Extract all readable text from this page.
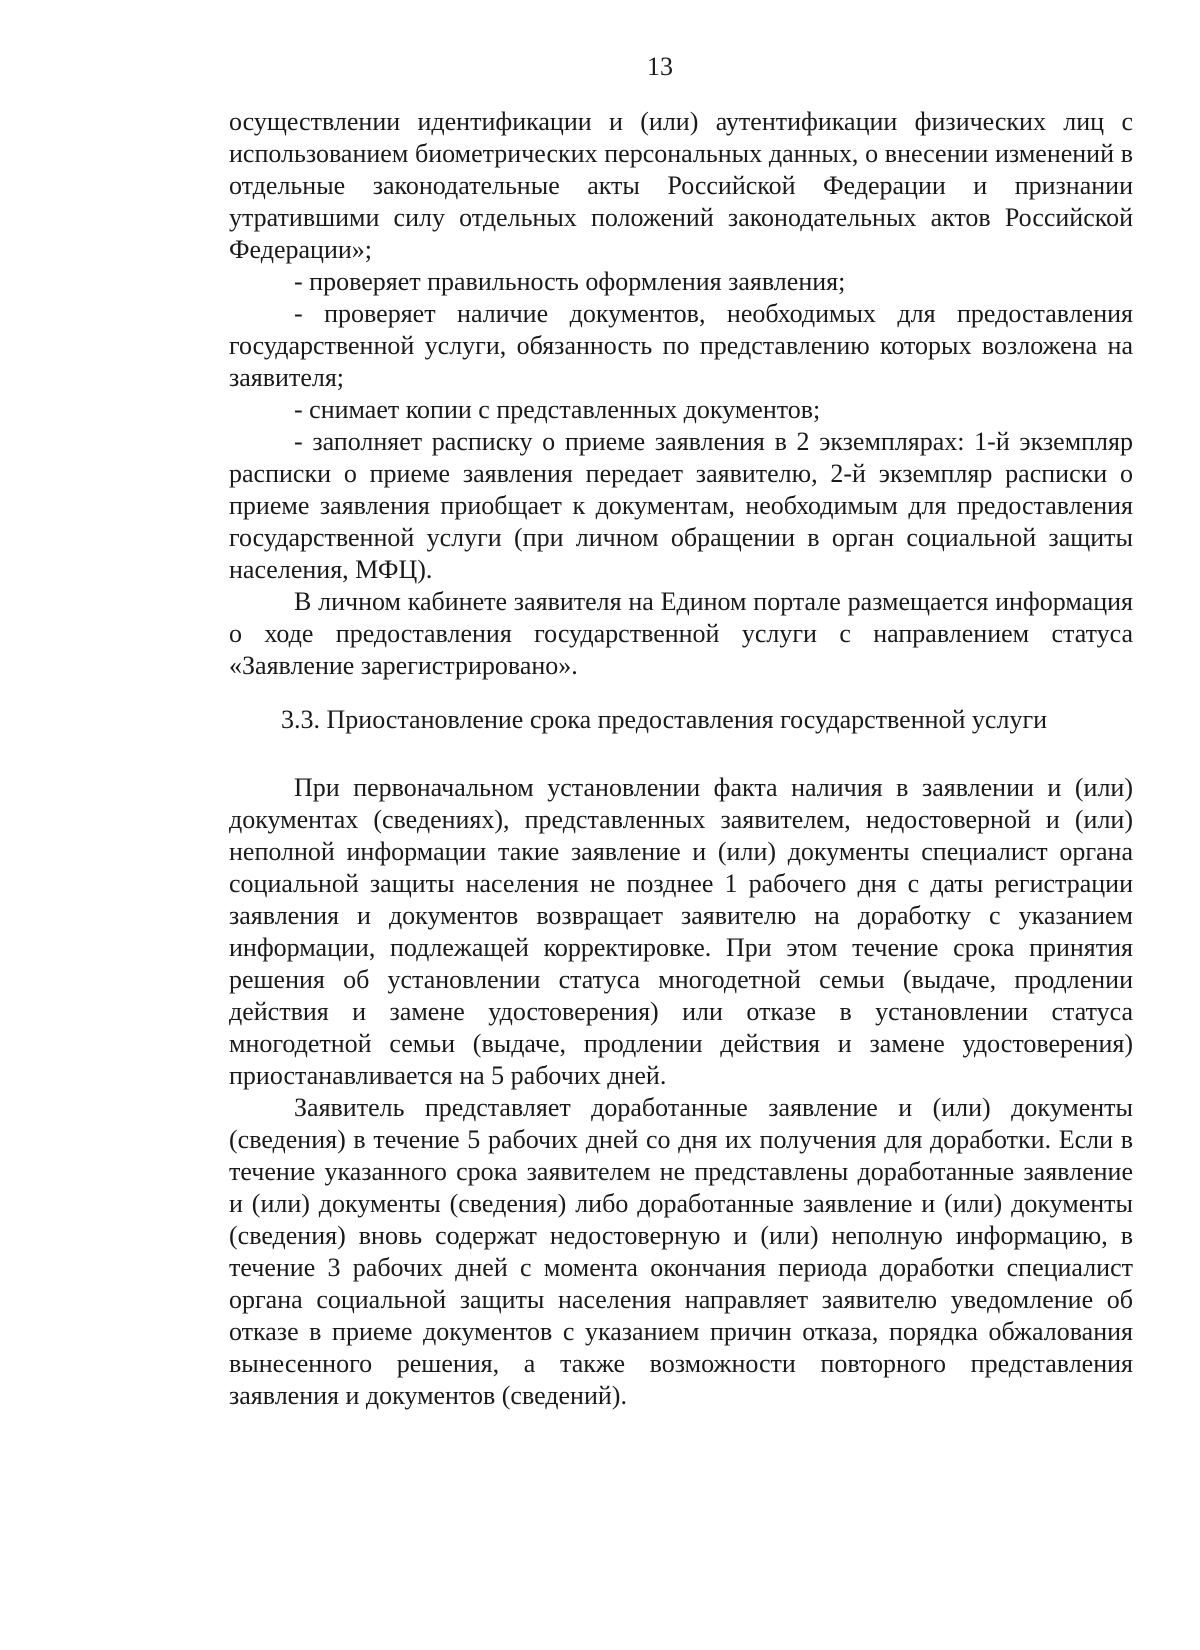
13

осуществлении идентификации и (или) аутентификации физических лиц с использованием биометрических персональных данных, о внесении изменений в отдельные законодательные акты Российской Федерации и признании утратившими силу отдельных положений законодательных актов Российской Федерации»;

- проверяет правильность оформления заявления;

- проверяет наличие документов, необходимых для предоставления государственной услуги, обязанность по представлению которых возложена на заявителя;

- снимает копии с представленных документов;

- заполняет расписку о приеме заявления в 2 экземплярах: 1-й экземпляр расписки о приеме заявления передает заявителю, 2-й экземпляр расписки о приеме заявления приобщает к документам, необходимым для предоставления государственной услуги (при личном обращении в орган социальной защиты населения, МФЦ).

В личном кабинете заявителя на Едином портале размещается информация о ходе предоставления государственной услуги с направлением статуса «Заявление зарегистрировано».

3.3. Приостановление срока предоставления государственной услуги

При первоначальном установлении факта наличия в заявлении и (или) документах (сведениях), представленных заявителем, недостоверной и (или) неполной информации такие заявление и (или) документы специалист органа социальной защиты населения не позднее 1 рабочего дня с даты регистрации заявления и документов возвращает заявителю на доработку с указанием информации, подлежащей корректировке. При этом течение срока принятия решения об установлении статуса многодетной семьи (выдаче, продлении действия и замене удостоверения) или отказе в установлении статуса многодетной семьи (выдаче, продлении действия и замене удостоверения) приостанавливается на 5 рабочих дней.

Заявитель представляет доработанные заявление и (или) документы (сведения) в течение 5 рабочих дней со дня их получения для доработки. Если в течение указанного срока заявителем не представлены доработанные заявление и (или) документы (сведения) либо доработанные заявление и (или) документы (сведения) вновь содержат недостоверную и (или) неполную информацию, в течение 3 рабочих дней с момента окончания периода доработки специалист органа социальной защиты населения направляет заявителю уведомление об отказе в приеме документов с указанием причин отказа, порядка обжалования вынесенного решения, а также возможности повторного представления заявления и документов (сведений).
